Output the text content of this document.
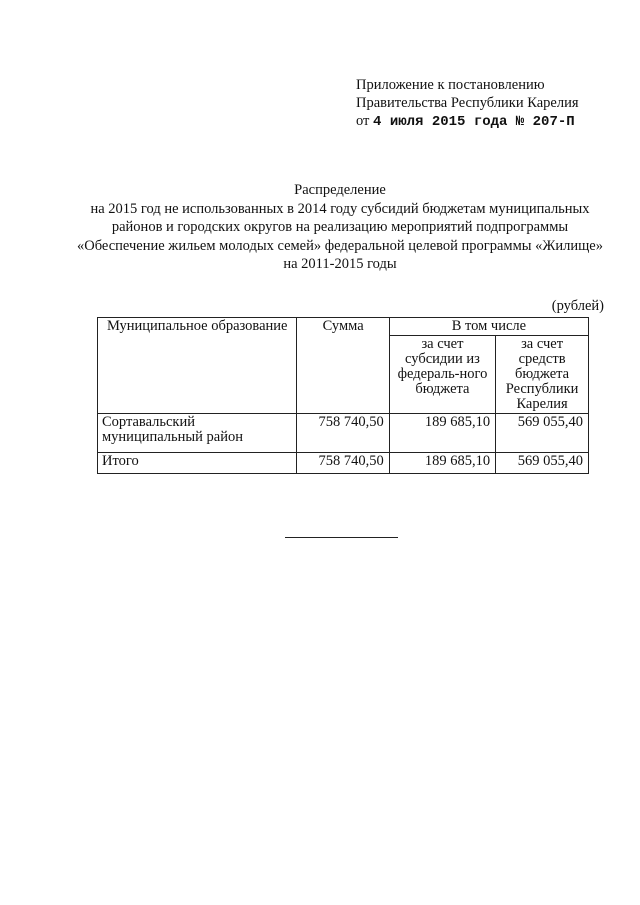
Приложение к постановлению
Правительства Республики Карелия
от 4 июля 2015 года № 207-П
Распределение
на 2015 год не использованных в 2014 году субсидий бюджетам муниципальных районов и городских округов на реализацию мероприятий подпрограммы «Обеспечение жильем молодых семей» федеральной целевой программы «Жилище» на 2011-2015 годы
(рублей)
Муниципальное образование	Сумма	В том числе	
		за счет субсидии из федераль-ного бюджета	за счет средств бюджета Республики Карелия
Сортавальский муниципальный район	758 740,50	189 685,10	569 055,40
Итого	758 740,50	189 685,10	569 055,40
